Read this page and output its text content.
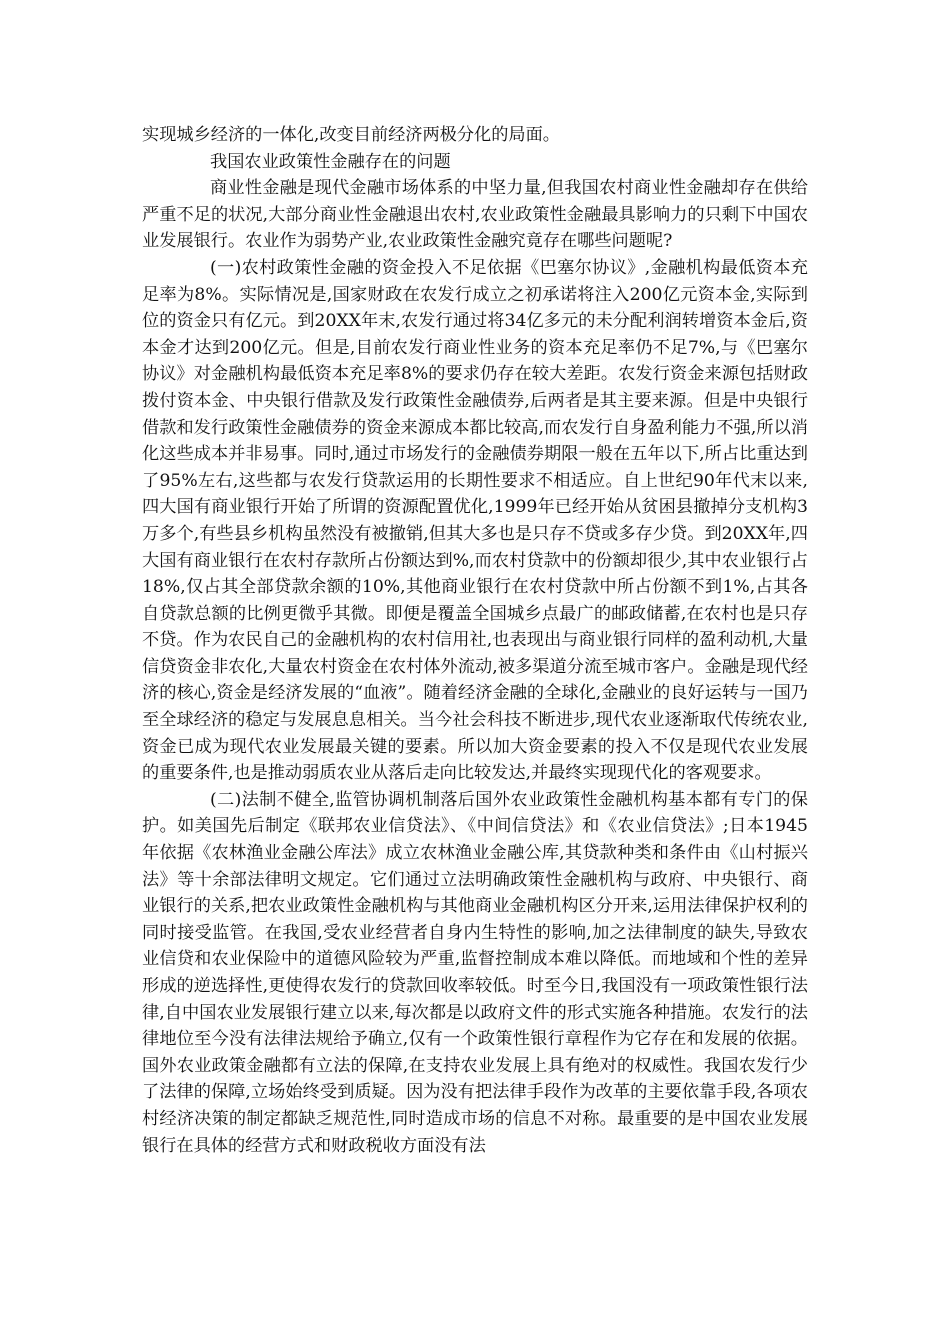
实现城乡经济的一体化,改变目前经济两极分化的局面。

我国农业政策性金融存在的问题

商业性金融是现代金融市场体系的中坚力量,但我国农村商业性金融却存在供给严重不足的状况,大部分商业性金融退出农村,农业政策性金融最具影响力的只剩下中国农业发展银行。农业作为弱势产业,农业政策性金融究竟存在哪些问题呢?

(一)农村政策性金融的资金投入不足依据《巴塞尔协议》,金融机构最低资本充足率为8%。实际情况是,国家财政在农发行成立之初承诺将注入200亿元资本金,实际到位的资金只有亿元。到20XX年末,农发行通过将34亿多元的未分配利润转增资本金后,资本金才达到200亿元。但是,目前农发行商业性业务的资本充足率仍不足7%,与《巴塞尔协议》对金融机构最低资本充足率8%的要求仍存在较大差距。农发行资金来源包括财政拨付资本金、中央银行借款及发行政策性金融债券,后两者是其主要来源。但是中央银行借款和发行政策性金融债券的资金来源成本都比较高,而农发行自身盈利能力不强,所以消化这些成本并非易事。同时,通过市场发行的金融债券期限一般在五年以下,所占比重达到了95%左右,这些都与农发行贷款运用的长期性要求不相适应。自上世纪90年代末以来,四大国有商业银行开始了所谓的资源配置优化,1999年已经开始从贫困县撤掉分支机构3万多个,有些县乡机构虽然没有被撤销,但其大多也是只存不贷或多存少贷。到20XX年,四大国有商业银行在农村存款所占份额达到%,而农村贷款中的份额却很少,其中农业银行占18%,仅占其全部贷款余额的10%,其他商业银行在农村贷款中所占份额不到1%,占其各自贷款总额的比例更微乎其微。即便是覆盖全国城乡点最广的邮政储蓄,在农村也是只存不贷。作为农民自己的金融机构的农村信用社,也表现出与商业银行同样的盈利动机,大量信贷资金非农化,大量农村资金在农村体外流动,被多渠道分流至城市客户。金融是现代经济的核心,资金是经济发展的“血液”。随着经济金融的全球化,金融业的良好运转与一国乃至全球经济的稳定与发展息息相关。当今社会科技不断进步,现代农业逐渐取代传统农业,资金已成为现代农业发展最关键的要素。所以加大资金要素的投入不仅是现代农业发展的重要条件,也是推动弱质农业从落后走向比较发达,并最终实现现代化的客观要求。

(二)法制不健全,监管协调机制落后国外农业政策性金融机构基本都有专门的保护。如美国先后制定《联邦农业信贷法》、《中间信贷法》和《农业信贷法》;日本1945年依据《农林渔业金融公库法》成立农林渔业金融公库,其贷款种类和条件由《山村振兴法》等十余部法律明文规定。它们通过立法明确政策性金融机构与政府、中央银行、商业银行的关系,把农业政策性金融机构与其他商业金融机构区分开来,运用法律保护权利的同时接受监管。在我国,受农业经营者自身内生特性的影响,加之法律制度的缺失,导致农业信贷和农业保险中的道德风险较为严重,监督控制成本难以降低。而地域和个性的差异形成的逆选择性,更使得农发行的贷款回收率较低。时至今日,我国没有一项政策性银行法律,自中国农业发展银行建立以来,每次都是以政府文件的形式实施各种措施。农发行的法律地位至今没有法律法规给予确立,仅有一个政策性银行章程作为它存在和发展的依据。国外农业政策金融都有立法的保障,在支持农业发展上具有绝对的权威性。我国农发行少了法律的保障,立场始终受到质疑。因为没有把法律手段作为改革的主要依靠手段,各项农村经济决策的制定都缺乏规范性,同时造成市场的信息不对称。最重要的是中国农业发展银行在具体的经营方式和财政税收方面没有法
